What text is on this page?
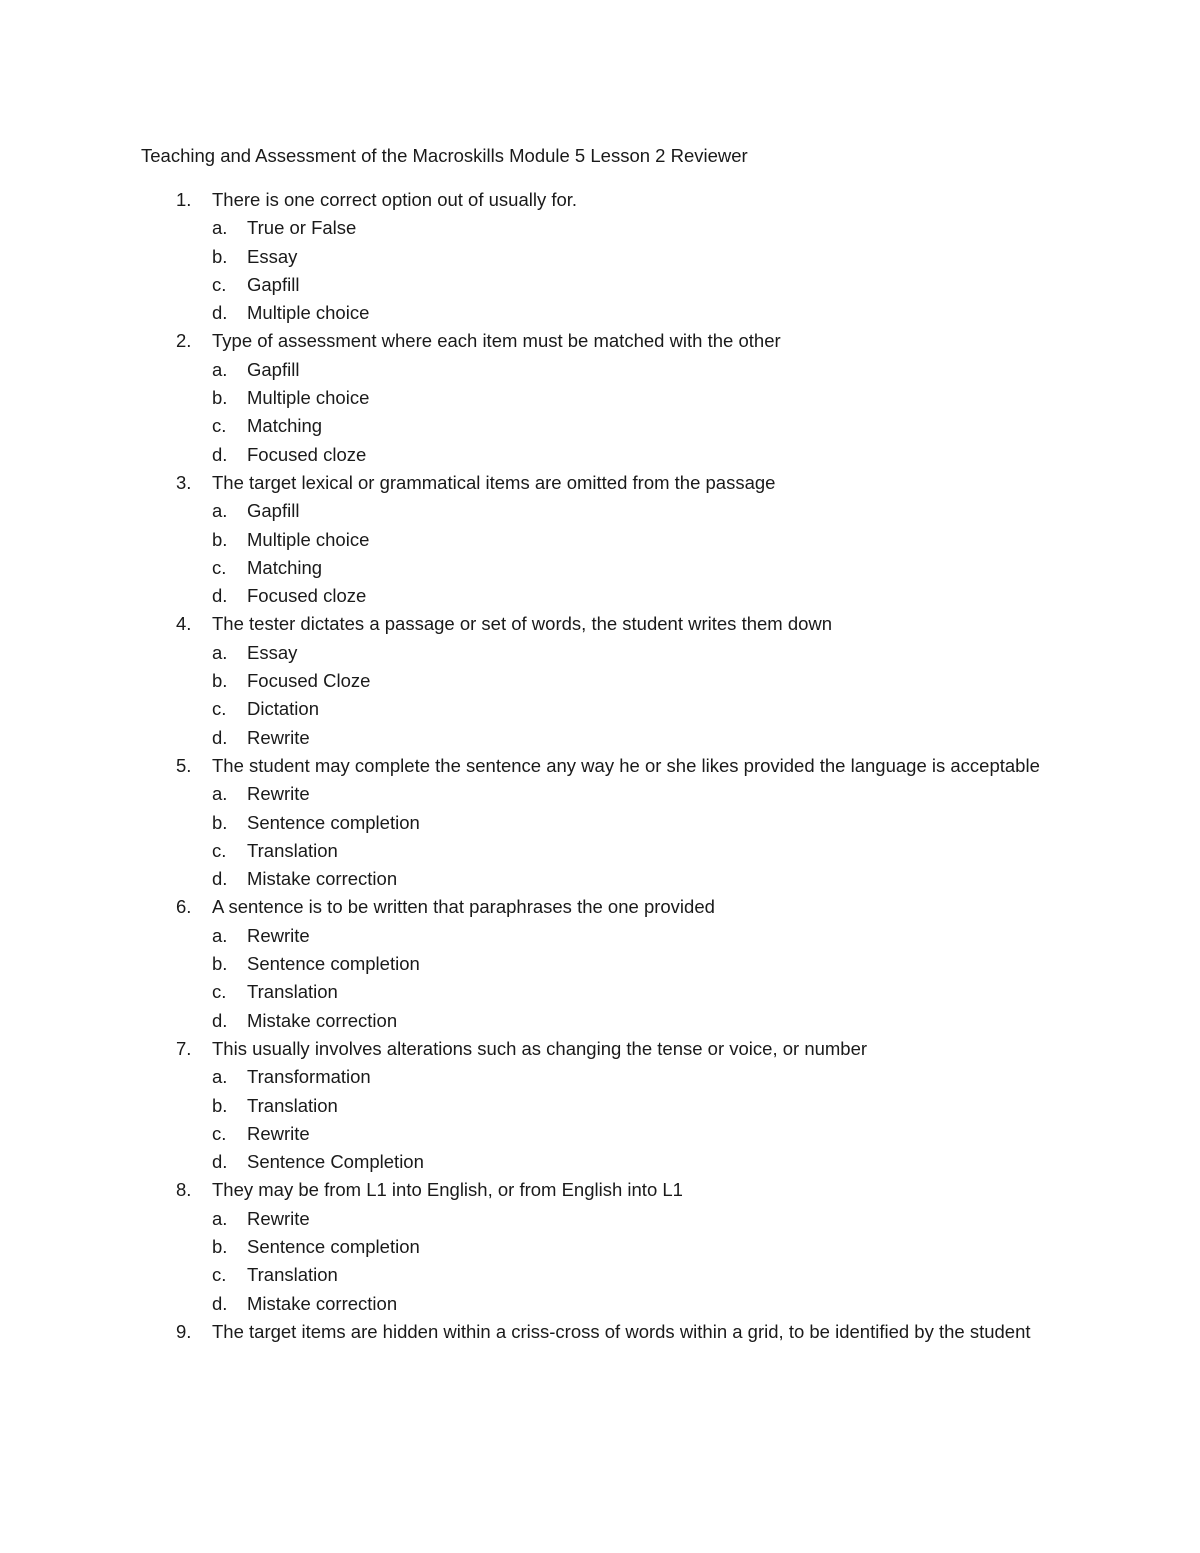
Teaching and Assessment of the Macroskills Module 5 Lesson 2 Reviewer
1. There is one correct option out of usually for.
a. True or False
b. Essay
c. Gapfill
d. Multiple choice
2. Type of assessment where each item must be matched with the other
a. Gapfill
b. Multiple choice
c. Matching
d. Focused cloze
3. The target lexical or grammatical items are omitted from the passage
a. Gapfill
b. Multiple choice
c. Matching
d. Focused cloze
4. The tester dictates a passage or set of words, the student writes them down
a. Essay
b. Focused Cloze
c. Dictation
d. Rewrite
5. The student may complete the sentence any way he or she likes provided the language is acceptable
a. Rewrite
b. Sentence completion
c. Translation
d. Mistake correction
6. A sentence is to be written that paraphrases the one provided
a. Rewrite
b. Sentence completion
c. Translation
d. Mistake correction
7. This usually involves alterations such as changing the tense or voice, or number
a. Transformation
b. Translation
c. Rewrite
d. Sentence Completion
8. They may be from L1 into English, or from English into L1
a. Rewrite
b. Sentence completion
c. Translation
d. Mistake correction
9. The target items are hidden within a criss-cross of words within a grid, to be identified by the student
